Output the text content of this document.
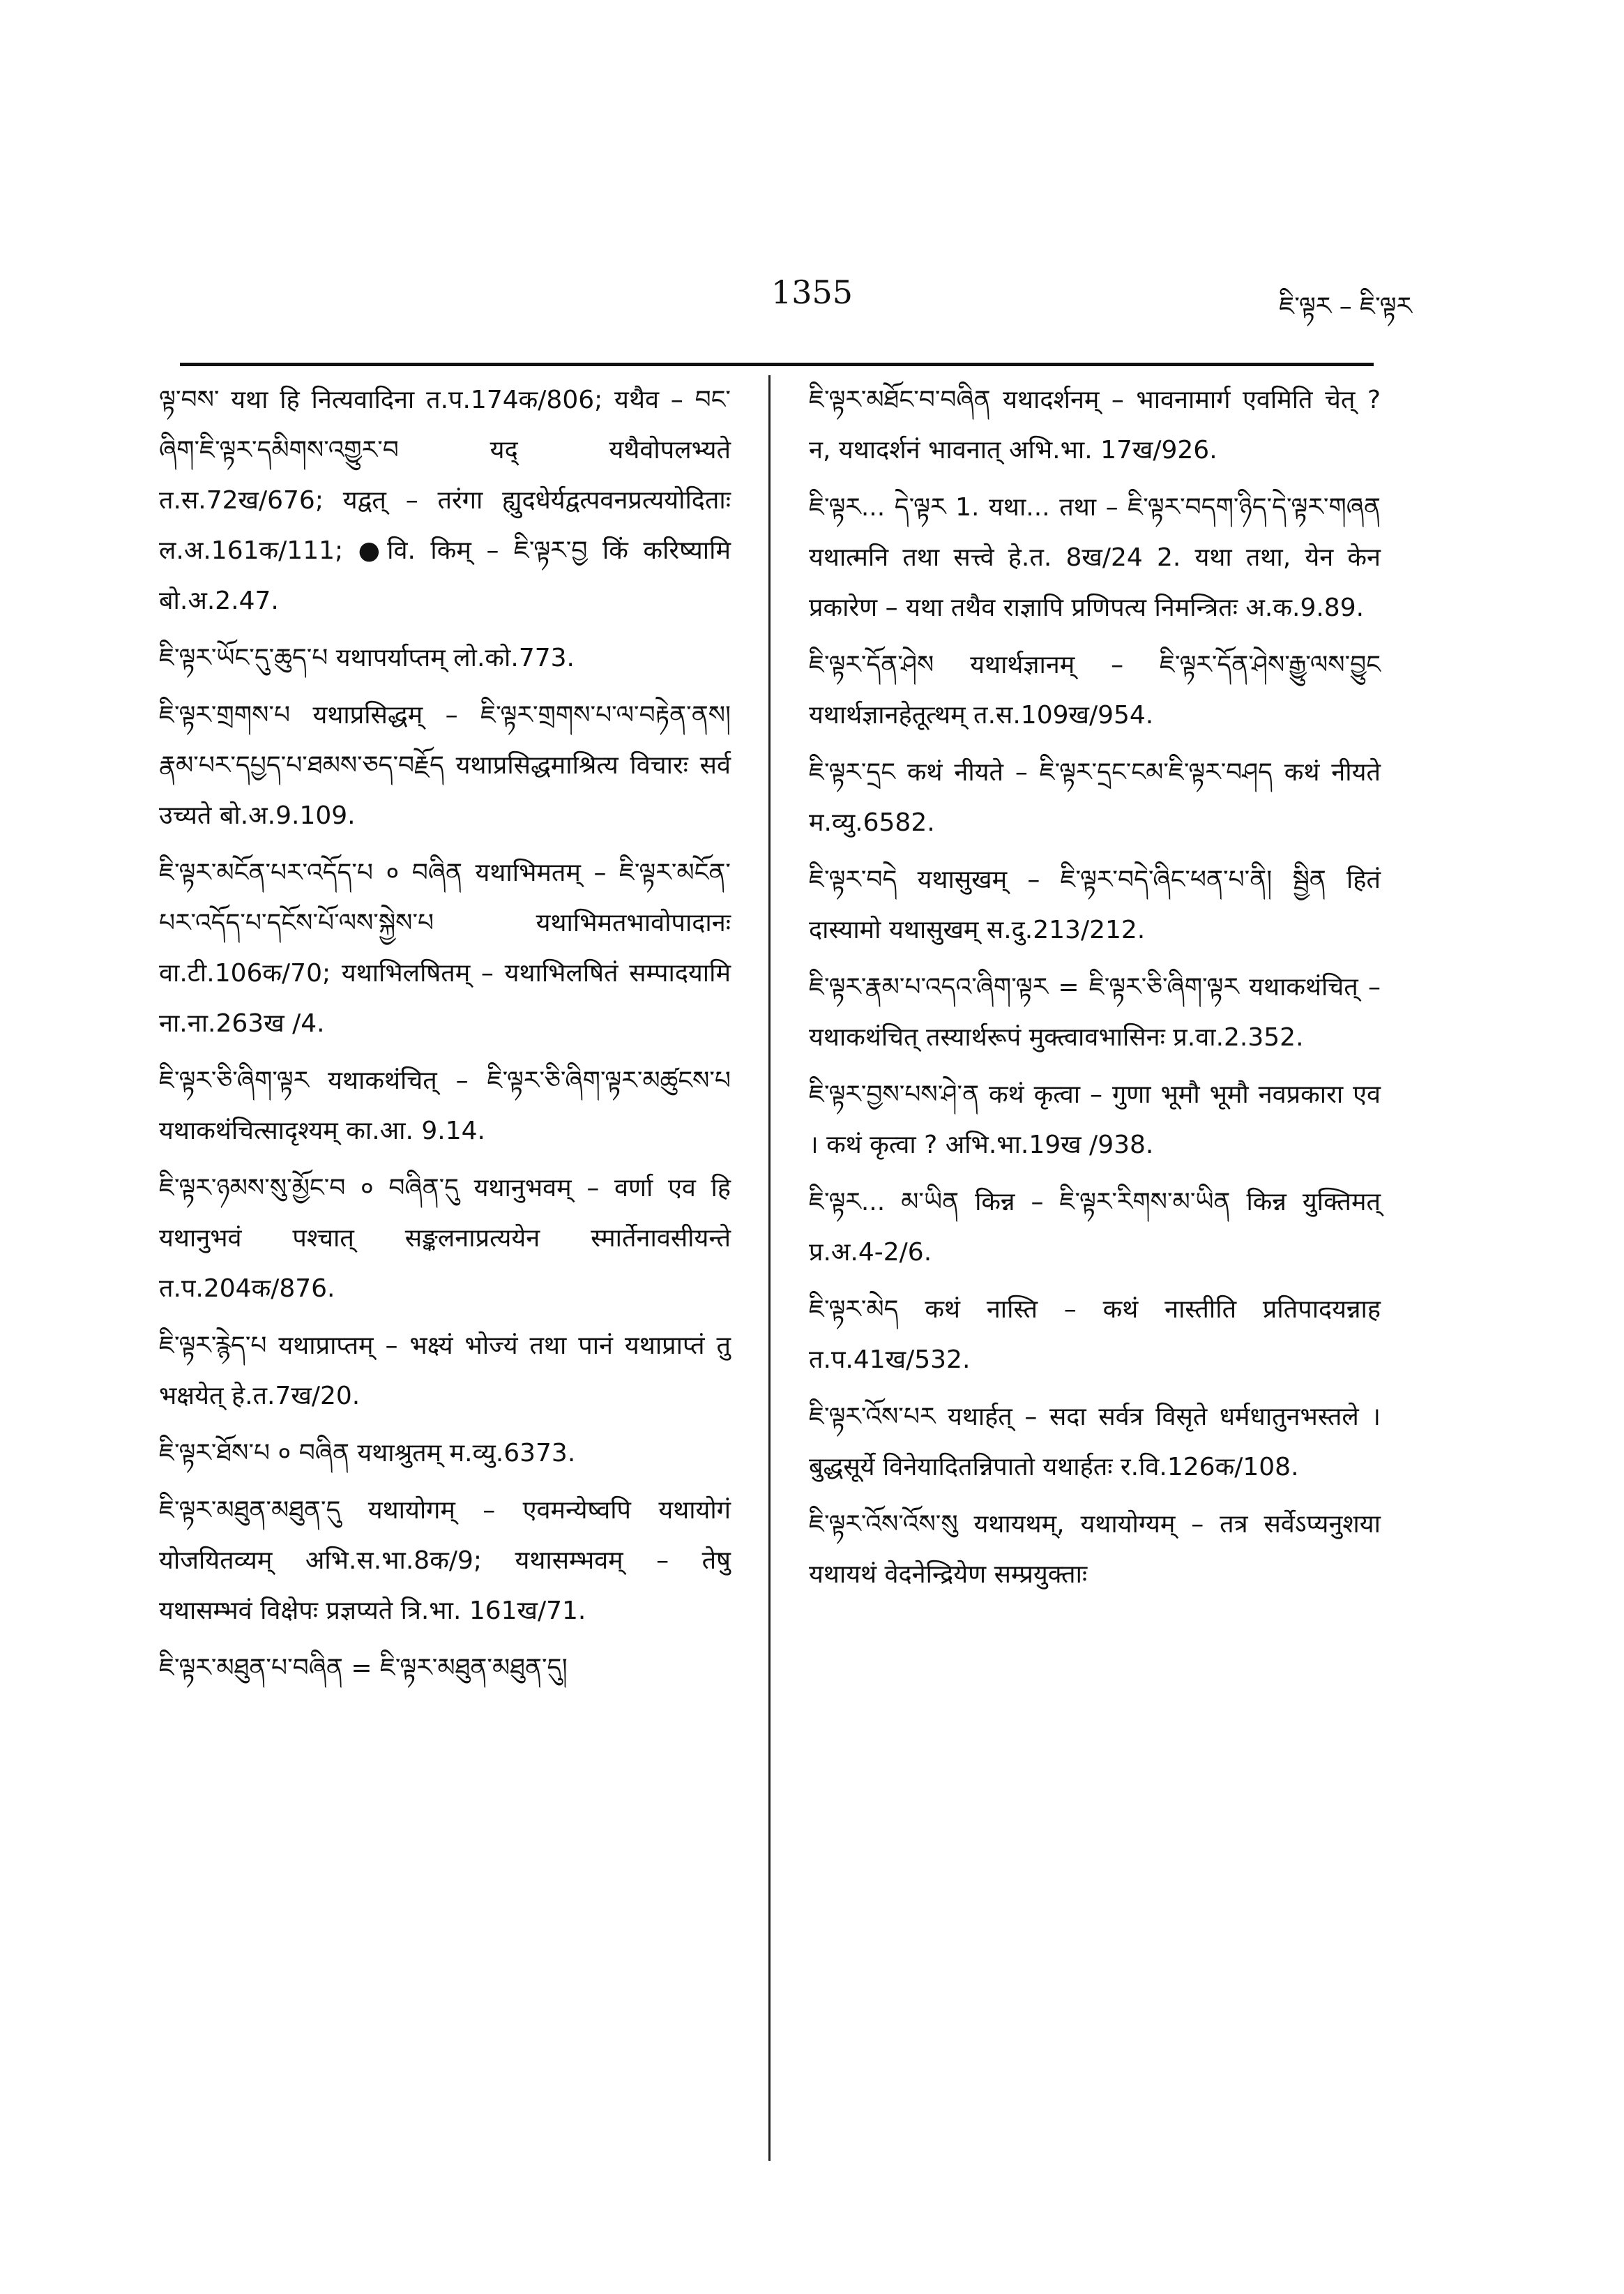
1355	ཇི་ལྟར – ཇི་ལྟར

ལྟ་བས་ यथा हि नित्यवादिना त.प.174क/806; यथैव – བང་ཞིག་ཇི་ལྟར་དམིགས་འགྱུར་བ यद् यथैवोपलभ्यते त.स.72ख/676; यद्वत् – तरंगा ह्युदधेर्यद्वत्पवनप्रत्ययोदिताः ल.अ.161क/111; ●वि. किम् – ཇི་ལྟར་བྱ किं करिष्यामि बो.अ.2.47.

ཇི་ལྟར་ཡོང་དུ་ཆུད་པ यथापर्याप्तम् लो.को.773.

ཇི་ལྟར་གྲགས་པ यथाप्रसिद्धम् – ཇི་ལྟར་གྲགས་པ་ལ་བརྟེན་ནས། རྣམ་པར་དཔྱད་པ་ཐམས་ཅད་བརྗོད यथाप्रसिद्धमाश्रित्य विचारः सर्व उच्यते बो.अ.9.109.

ཇི་ལྟར་མངོན་པར་འདོད་པ ० བཞིན यथाभिमतम् – ཇི་ལྟར་མངོན་པར་འདོད་པ་དངོས་པོ་ལས་སྐྱེས་པ यथाभिमतभावोपादानः वा.टी.106क/70; यथाभिलषितम् – यथाभिलषितं सम्पादयामि ना.ना.263ख /4.

ཇི་ལྟར་ཅི་ཞིག་ལྟར यथाकथंचित् – ཇི་ལྟར་ཅི་ཞིག་ལྟར་མཚུངས་པ यथाकथंचित्सादृश्यम् का.आ. 9.14.

ཇི་ལྟར་ཉམས་སུ་མྱོང་བ ० བཞིན་དུ यथानुभवम् – वर्णा एव हि यथानुभवं पश्चात् सङ्कलनाप्रत्ययेन स्मार्तेनावसीयन्ते त.प.204क/876.

ཇི་ལྟར་རྙེད་པ यथाप्राप्तम् – भक्ष्यं भोज्यं तथा पानं यथाप्राप्तं तु भक्षयेत् हे.त.7ख/20.

ཇི་ལྟར་ཐོས་པ ० བཞིན यथाश्रुतम् म.व्यु.6373.

ཇི་ལྟར་མཐུན་མཐུན་དུ यथायोगम् – एवमन्येष्वपि यथायोगं योजयितव्यम् अभि.स.भा.8क/9; यथासम्भवम् – तेषु यथासम्भवं विक्षेपः प्रज्ञप्यते त्रि.भा. 161ख/71.

ཇི་ལྟར་མཐུན་པ་བཞིན = ཇི་ལྟར་མཐུན་མཐུན་དུ།

ཇི་ལྟར་མཐོང་བ་བཞིན यथादर्शनम् – भावनामार्ग एवमिति चेत् ? न, यथादर्शनं भावनात् अभि.भा. 17ख/926.

ཇི་ལྟར... དེ་ལྟར 1. यथा... तथा – ཇི་ལྟར་བདག་ཉིད་དེ་ལྟར་གཞན यथात्मनि तथा सत्त्वे हे.त. 8ख/24 2. यथा तथा, येन केन प्रकारेण – यथा तथैव राज्ञापि प्रणिपत्य निमन्त्रितः अ.क.9.89.

ཇི་ལྟར་དོན་ཤེས यथार्थज्ञानम् – ཇི་ལྟར་དོན་ཤེས་རྒྱུ་ལས་བྱུང यथार्थज्ञानहेतूत्थम् त.स.109ख/954.

ཇི་ལྟར་དྲང कथं नीयते – ཇི་ལྟར་དྲང་ངམ་ཇི་ལྟར་བཤད कथं नीयते म.व्यु.6582.

ཇི་ལྟར་བདེ यथासुखम् – ཇི་ལྟར་བདེ་ཞིང་ཕན་པ་ནི། སྦྱིན हितं दास्यामो यथासुखम् स.दु.213/212.

ཇི་ལྟར་རྣམ་པ་འདའ་ཞིག་ལྟར = ཇི་ལྟར་ཅི་ཞིག་ལྟར यथाकथंचित् – यथाकथंचित् तस्यार्थरूपं मुक्त्वावभासिनः प्र.वा.2.352.

ཇི་ལྟར་བྱས་པས་ཤེ་ན कथं कृत्वा – गुणा भूमौ भूमौ नवप्रकारा एव । कथं कृत्वा ? अभि.भा.19ख /938.

ཇི་ལྟར... མ་ཡིན किन्न – ཇི་ལྟར་རིགས་མ་ཡིན किन्न युक्तिमत् प्र.अ.4-2/6.

ཇི་ལྟར་མེད कथं नास्ति – कथं नास्तीति प्रतिपादयन्नाह त.प.41ख/532.

ཇི་ལྟར་འོས་པར यथार्हत् – सदा सर्वत्र विसृते धर्मधातुनभस्तले । बुद्धसूर्ये विनेयादितन्निपातो यथार्हतः र.वि.126क/108.

ཇི་ལྟར་འོས་འོས་སུ यथायथम्, यथायोग्यम् – तत्र सर्वेऽप्यनुशया यथायथं वेदनेन्द्रियेण सम्प्रयुक्ताः
